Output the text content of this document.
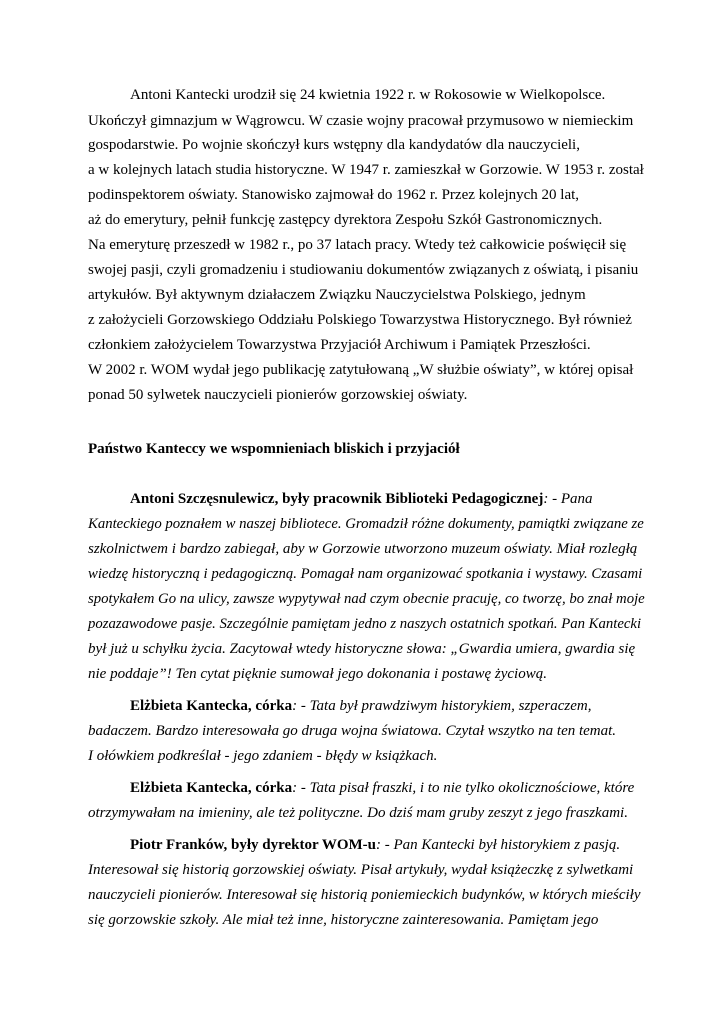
Antoni Kantecki urodził się 24 kwietnia 1922 r. w Rokosowie w Wielkopolsce.
Ukończył gimnazjum w Wągrowcu. W czasie wojny pracował przymusowo w niemieckim
gospodarstwie. Po wojnie skończył kurs wstępny dla kandydatów dla nauczycieli,
a w kolejnych latach studia historyczne. W 1947 r. zamieszkał w Gorzowie. W 1953 r. został
podinspektorem oświaty. Stanowisko zajmował do 1962 r. Przez kolejnych 20 lat,
aż do emerytury, pełnił funkcję zastępcy dyrektora Zespołu Szkół Gastronomicznych.
Na emeryturę przeszedł w 1982 r., po 37 latach pracy. Wtedy też całkowicie poświęcił się
swojej pasji, czyli gromadzeniu i studiowaniu dokumentów związanych z oświatą, i pisaniu
artykułów. Był aktywnym działaczem Związku Nauczycielstwa Polskiego, jednym
z założycieli Gorzowskiego Oddziału Polskiego Towarzystwa Historycznego. Był również
członkiem założycielem Towarzystwa Przyjaciół Archiwum i Pamiątek Przeszłości.
W 2002 r. WOM wydał jego publikację zatytułowaną „W służbie oświaty”, w której opisał
ponad 50 sylwetek nauczycieli pionierów gorzowskiej oświaty.
Państwo Kanteccy we wspomnieniach bliskich i przyjaciół
Antoni Szczęsnulewicz, były pracownik Biblioteki Pedagogicznej: - Pana
Kanteckiego poznałem w naszej bibliotece. Gromadził różne dokumenty, pamiątki związane ze
szkolnictwem i bardzo zabiegał, aby w Gorzowie utworzono muzeum oświaty. Miał rozległą
wiedzę historyczną i pedagogiczną. Pomagał nam organizować spotkania i wystawy. Czasami
spotykałem Go na ulicy, zawsze wypytywał nad czym obecnie pracuję, co tworzę, bo znał moje
pozazawodowe pasje. Szczególnie pamiętam jedno z naszych ostatnich spotkań. Pan Kantecki
był już u schyłku życia. Zacytował wtedy historyczne słowa: „Gwardia umiera, gwardia się
nie poddaje”! Ten cytat pięknie sumował jego dokonania i postawę życiową.
Elżbieta Kantecka, córka: - Tata był prawdziwym historykiem, szperaczem,
badaczem. Bardzo interesowała go druga wojna światowa. Czytał wszytko na ten temat.
I ołówkiem podkreślał - jego zdaniem - błędy w książkach.
Elżbieta Kantecka, córka: - Tata pisał fraszki, i to nie tylko okolicznościowe, które
otrzymywałam na imieniny, ale też polityczne. Do dziś mam gruby zeszyt z jego fraszkami.
Piotr Franków, były dyrektor WOM-u: - Pan Kantecki był historykiem z pasją.
Interesował się historią gorzowskiej oświaty. Pisał artykuły, wydał książeczkę z sylwetkami
nauczycieli pionierów. Interesował się historią poniemieckich budynków, w których mieściły
się gorzowskie szkoły. Ale miał też inne, historyczne zainteresowania. Pamiętam jego
